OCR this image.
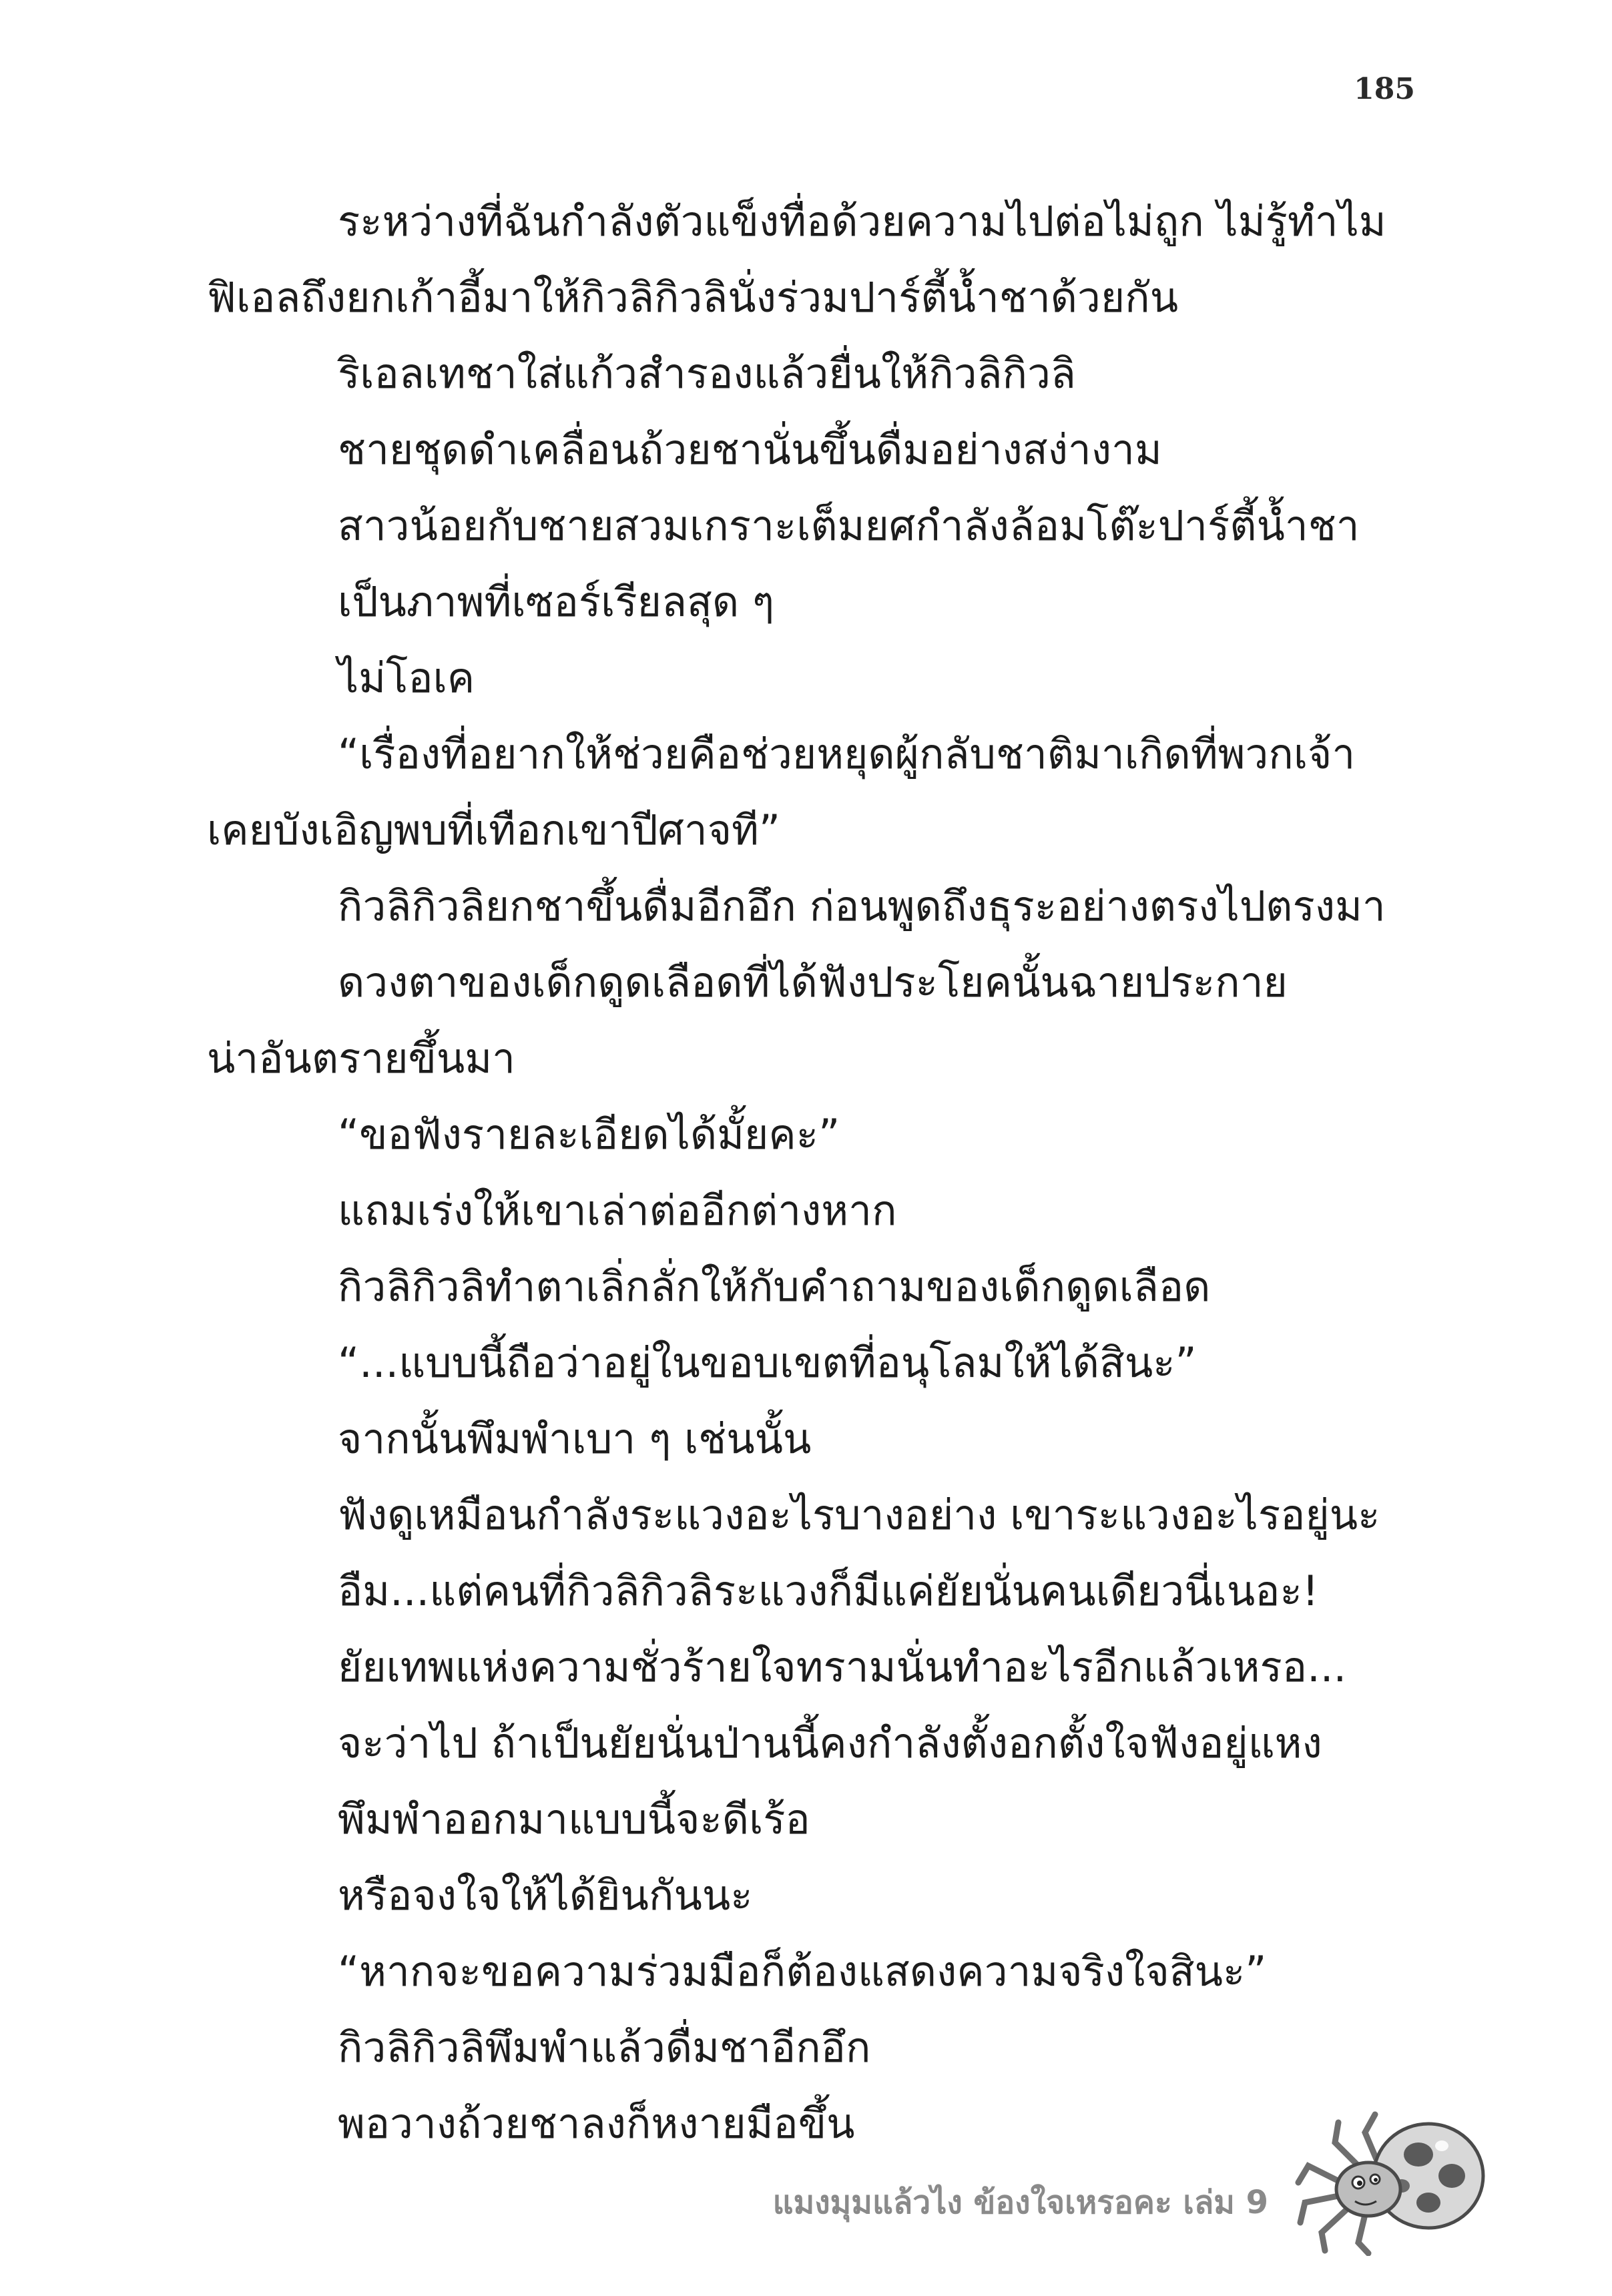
185
ระหว่างที่ฉันกำลังตัวแข็งทื่อด้วยความไปต่อไม่ถูก ไม่รู้ทำไม
ฟิเอลถึงยกเก้าอี้มาให้กิวลิกิวลินั่งร่วมปาร์ตี้น้ำชาด้วยกัน
ริเอลเทชาใส่แก้วสำรองแล้วยื่นให้กิวลิกิวลิ
ชายชุดดำเคลื่อนถ้วยชานั่นขึ้นดื่มอย่างสง่างาม
สาวน้อยกับชายสวมเกราะเต็มยศกำลังล้อมโต๊ะปาร์ตี้น้ำชา
เป็นภาพที่เซอร์เรียลสุด ๆ
ไม่โอเค
“เรื่องที่อยากให้ช่วยคือช่วยหยุดผู้กลับชาติมาเกิดที่พวกเจ้า
เคยบังเอิญพบที่เทือกเขาปีศาจที”
กิวลิกิวลิยกชาขึ้นดื่มอีกอึก ก่อนพูดถึงธุระอย่างตรงไปตรงมา
ดวงตาของเด็กดูดเลือดที่ได้ฟังประโยคนั้นฉายประกาย
น่าอันตรายขึ้นมา
“ขอฟังรายละเอียดได้มั้ยคะ”
แถมเร่งให้เขาเล่าต่ออีกต่างหาก
กิวลิกิวลิทำตาเลิ่กลั่กให้กับคำถามของเด็กดูดเลือด
“...แบบนี้ถือว่าอยู่ในขอบเขตที่อนุโลมให้ได้สินะ”
จากนั้นพึมพำเบา ๆ เช่นนั้น
ฟังดูเหมือนกำลังระแวงอะไรบางอย่าง เขาระแวงอะไรอยู่นะ
อืม...แต่คนที่กิวลิกิวลิระแวงก็มีแค่ยัยนั่นคนเดียวนี่เนอะ!
ยัยเทพแห่งความชั่วร้ายใจทรามนั่นทำอะไรอีกแล้วเหรอ...
จะว่าไป ถ้าเป็นยัยนั่นป่านนี้คงกำลังตั้งอกตั้งใจฟังอยู่แหง
พึมพำออกมาแบบนี้จะดีเร้อ
หรือจงใจให้ได้ยินกันนะ
“หากจะขอความร่วมมือก็ต้องแสดงความจริงใจสินะ”
กิวลิกิวลิพึมพำแล้วดื่มชาอีกอึก
พอวางถ้วยชาลงก็หงายมือขึ้น
แมงมุมแล้วไง ข้องใจเหรอคะ เล่ม 9
